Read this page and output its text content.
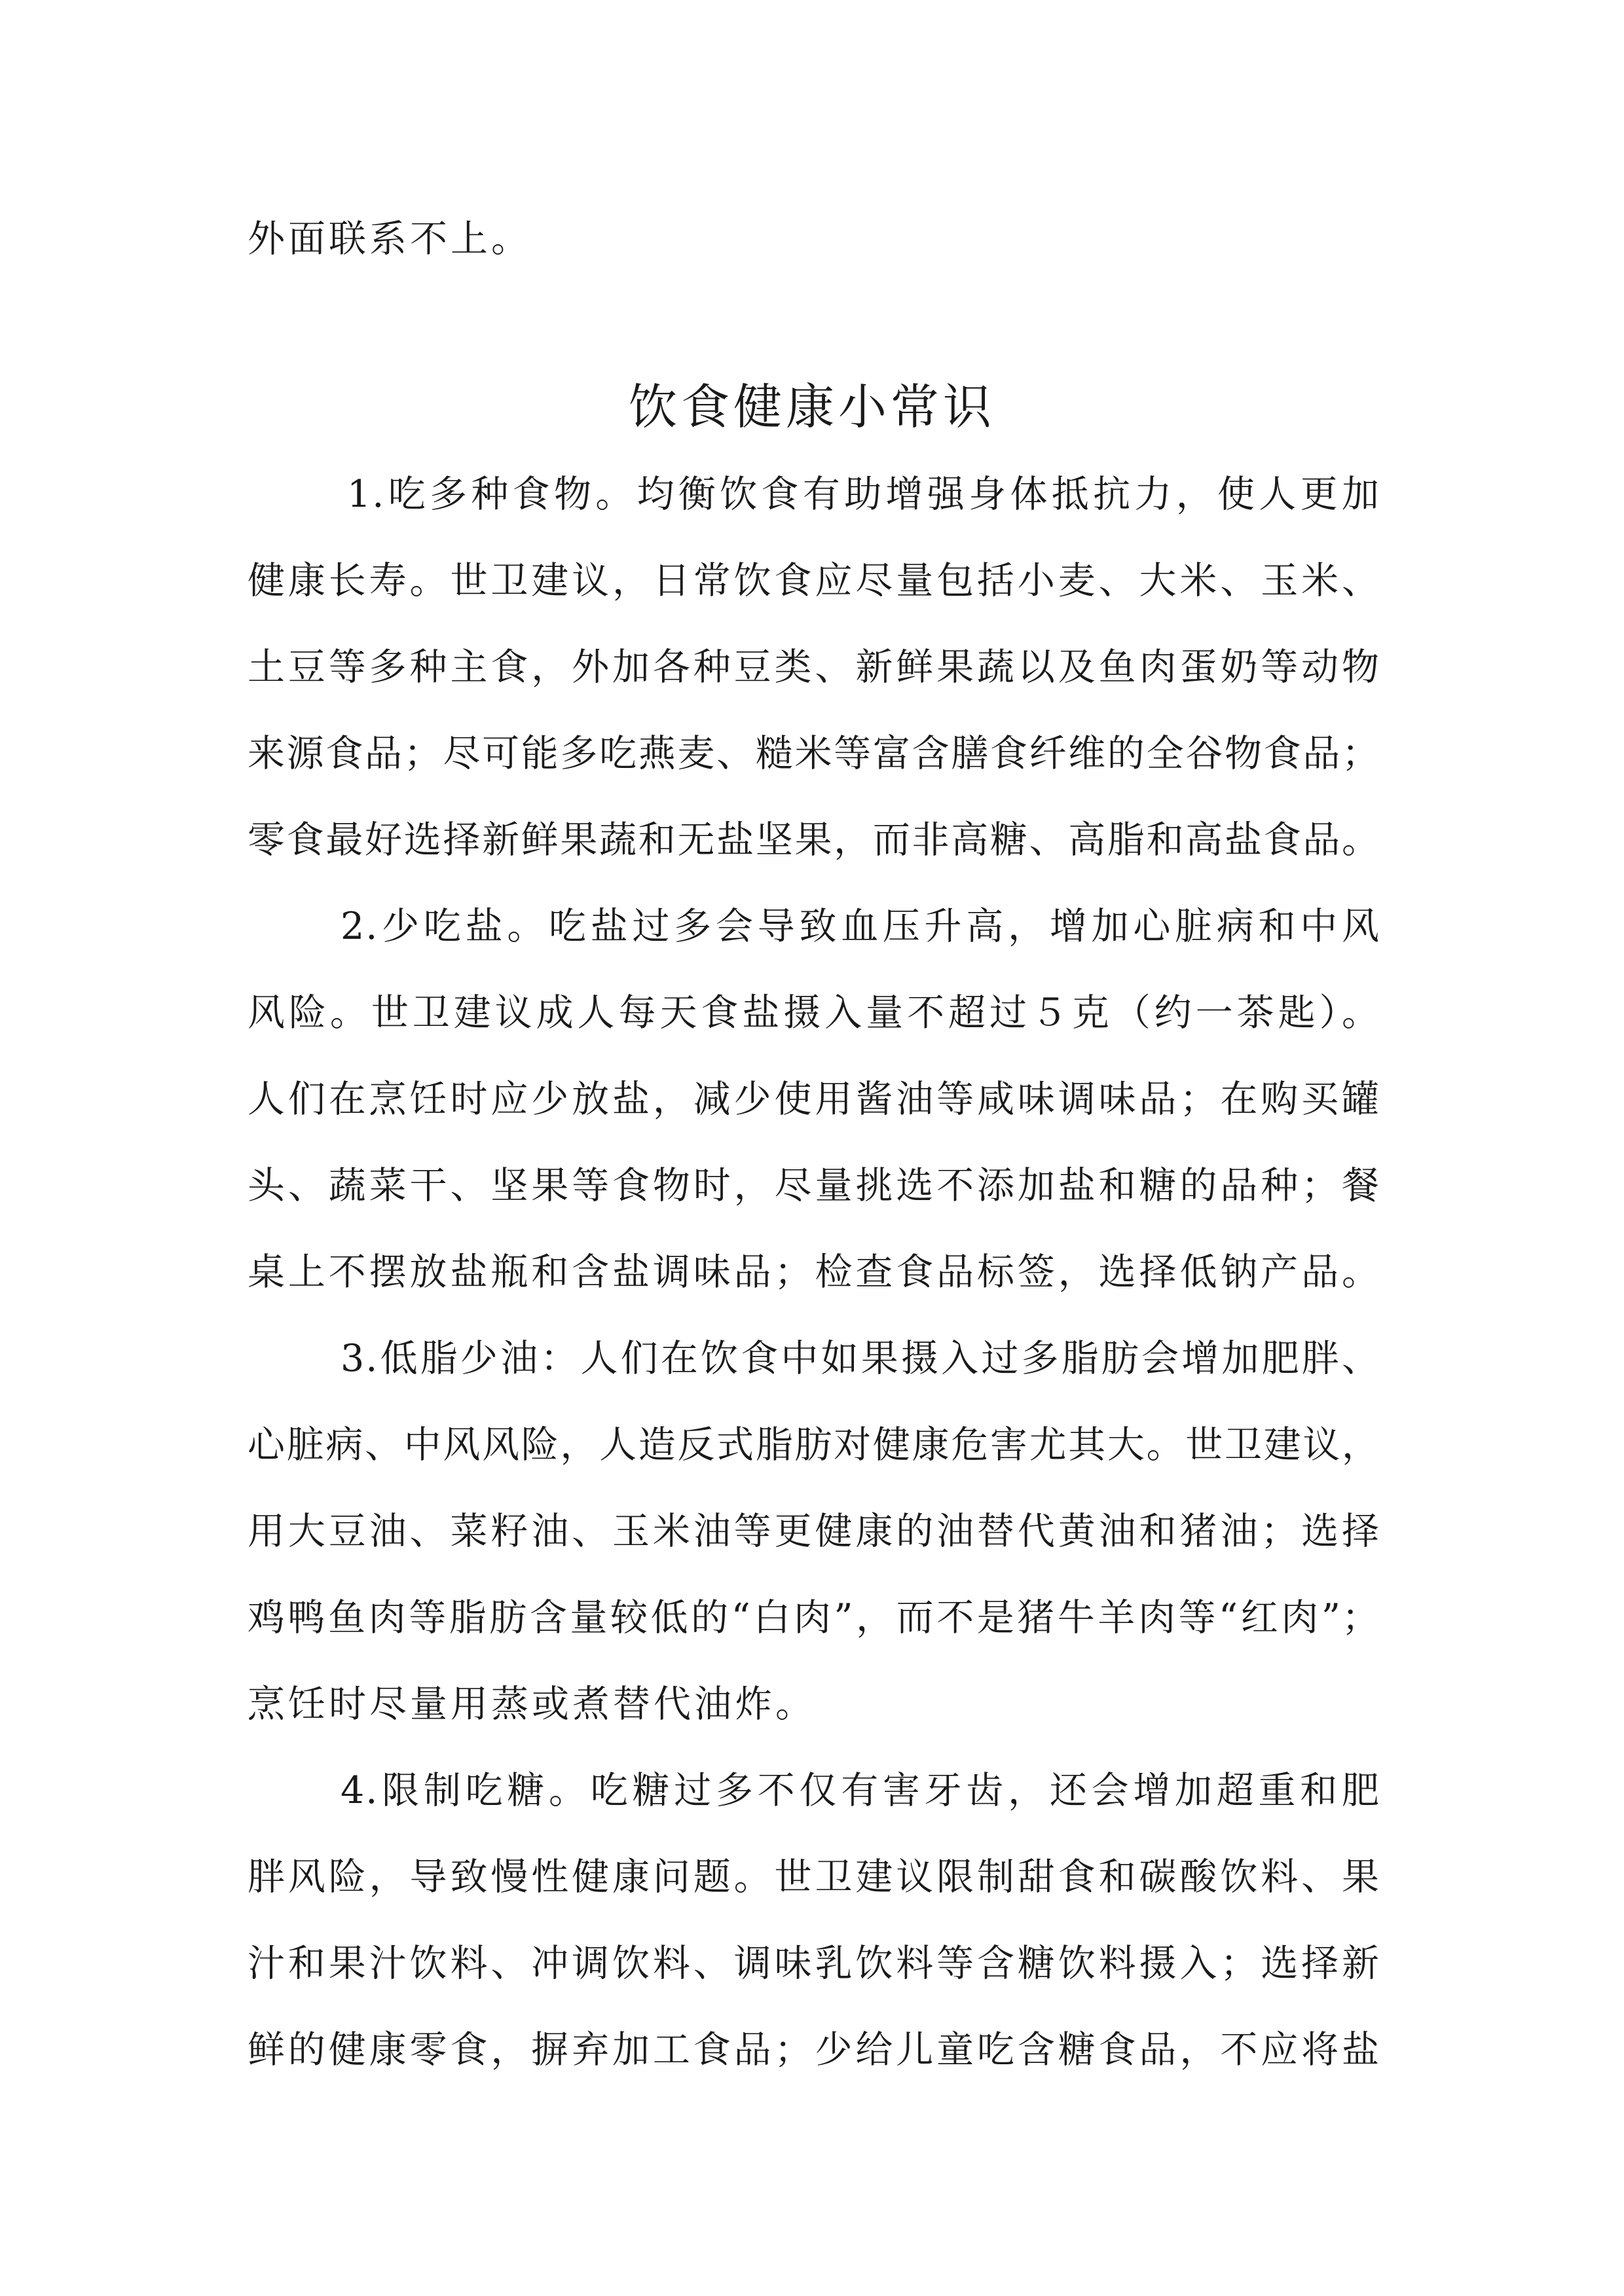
外面联系不上。
饮食健康小常识
1.吃多种食物。均衡饮食有助增强身体抵抗力，使人更加
健康长寿。世卫建议，日常饮食应尽量包括小麦、大米、玉米、
土豆等多种主食，外加各种豆类、新鲜果蔬以及鱼肉蛋奶等动物
来源食品；尽可能多吃燕麦、糙米等富含膳食纤维的全谷物食品；
零食最好选择新鲜果蔬和无盐坚果，而非高糖、高脂和高盐食品。
2.少吃盐。吃盐过多会导致血压升高，增加心脏病和中风
风险。世卫建议成人每天食盐摄入量不超过５克（约一茶匙）。
人们在烹饪时应少放盐，减少使用酱油等咸味调味品；在购买罐
头、蔬菜干、坚果等食物时，尽量挑选不添加盐和糖的品种；餐
桌上不摆放盐瓶和含盐调味品；检查食品标签，选择低钠产品。
3.低脂少油：人们在饮食中如果摄入过多脂肪会增加肥胖、
心脏病、中风风险，人造反式脂肪对健康危害尤其大。世卫建议，
用大豆油、菜籽油、玉米油等更健康的油替代黄油和猪油；选择
鸡鸭鱼肉等脂肪含量较低的“白肉”，而不是猪牛羊肉等“红肉”；
烹饪时尽量用蒸或煮替代油炸。
4.限制吃糖。吃糖过多不仅有害牙齿，还会增加超重和肥
胖风险，导致慢性健康问题。世卫建议限制甜食和碳酸饮料、果
汁和果汁饮料、冲调饮料、调味乳饮料等含糖饮料摄入；选择新
鲜的健康零食，摒弃加工食品；少给儿童吃含糖食品，不应将盐
